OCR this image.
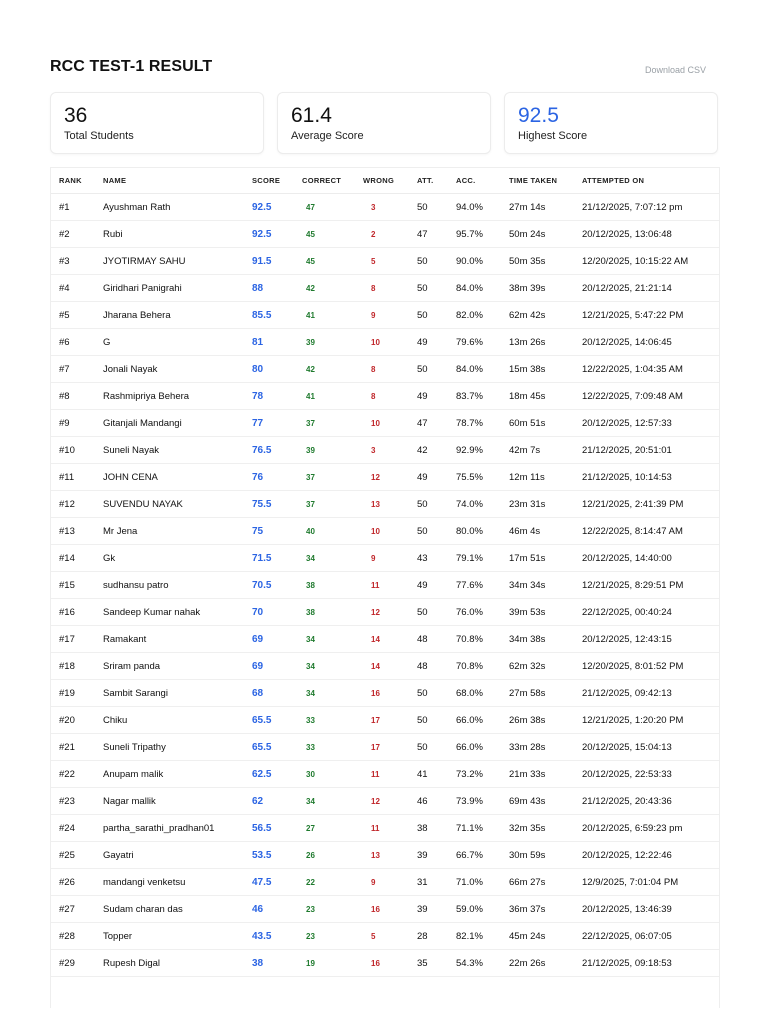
RCC TEST-1 RESULT	Download CSV
36
Total Students
61.4
Average Score
92.5
Highest Score
RANK	NAME	SCORE	CORRECT	WRONG	ATT.	ACC.	TIME TAKEN	ATTEMPTED ON
#1	Ayushman Rath	92.5	47	3	50	94.0%	27m 14s	21/12/2025, 7:07:12 pm
#2	Rubi	92.5	45	2	47	95.7%	50m 24s	20/12/2025, 13:06:48
#3	JYOTIRMAY SAHU	91.5	45	5	50	90.0%	50m 35s	12/20/2025, 10:15:22 AM
#4	Giridhari Panigrahi	88	42	8	50	84.0%	38m 39s	20/12/2025, 21:21:14
#5	Jharana Behera	85.5	41	9	50	82.0%	62m 42s	12/21/2025, 5:47:22 PM
#6	G	81	39	10	49	79.6%	13m 26s	20/12/2025, 14:06:45
#7	Jonali Nayak	80	42	8	50	84.0%	15m 38s	12/22/2025, 1:04:35 AM
#8	Rashmipriya Behera	78	41	8	49	83.7%	18m 45s	12/22/2025, 7:09:48 AM
#9	Gitanjali Mandangi	77	37	10	47	78.7%	60m 51s	20/12/2025, 12:57:33
#10	Suneli Nayak	76.5	39	3	42	92.9%	42m 7s	21/12/2025, 20:51:01
#11	JOHN CENA	76	37	12	49	75.5%	12m 11s	21/12/2025, 10:14:53
#12	SUVENDU NAYAK	75.5	37	13	50	74.0%	23m 31s	12/21/2025, 2:41:39 PM
#13	Mr Jena	75	40	10	50	80.0%	46m 4s	12/22/2025, 8:14:47 AM
#14	Gk	71.5	34	9	43	79.1%	17m 51s	20/12/2025, 14:40:00
#15	sudhansu patro	70.5	38	11	49	77.6%	34m 34s	12/21/2025, 8:29:51 PM
#16	Sandeep Kumar nahak	70	38	12	50	76.0%	39m 53s	22/12/2025, 00:40:24
#17	Ramakant	69	34	14	48	70.8%	34m 38s	20/12/2025, 12:43:15
#18	Sriram panda	69	34	14	48	70.8%	62m 32s	12/20/2025, 8:01:52 PM
#19	Sambit Sarangi	68	34	16	50	68.0%	27m 58s	21/12/2025, 09:42:13
#20	Chiku	65.5	33	17	50	66.0%	26m 38s	12/21/2025, 1:20:20 PM
#21	Suneli Tripathy	65.5	33	17	50	66.0%	33m 28s	20/12/2025, 15:04:13
#22	Anupam malik	62.5	30	11	41	73.2%	21m 33s	20/12/2025, 22:53:33
#23	Nagar mallik	62	34	12	46	73.9%	69m 43s	21/12/2025, 20:43:36
#24	partha_sarathi_pradhan01	56.5	27	11	38	71.1%	32m 35s	20/12/2025, 6:59:23 pm
#25	Gayatri	53.5	26	13	39	66.7%	30m 59s	20/12/2025, 12:22:46
#26	mandangi venketsu	47.5	22	9	31	71.0%	66m 27s	12/9/2025, 7:01:04 PM
#27	Sudam charan das	46	23	16	39	59.0%	36m 37s	20/12/2025, 13:46:39
#28	Topper	43.5	23	5	28	82.1%	45m 24s	22/12/2025, 06:07:05
#29	Rupesh Digal	38	19	16	35	54.3%	22m 26s	21/12/2025, 09:18:53
